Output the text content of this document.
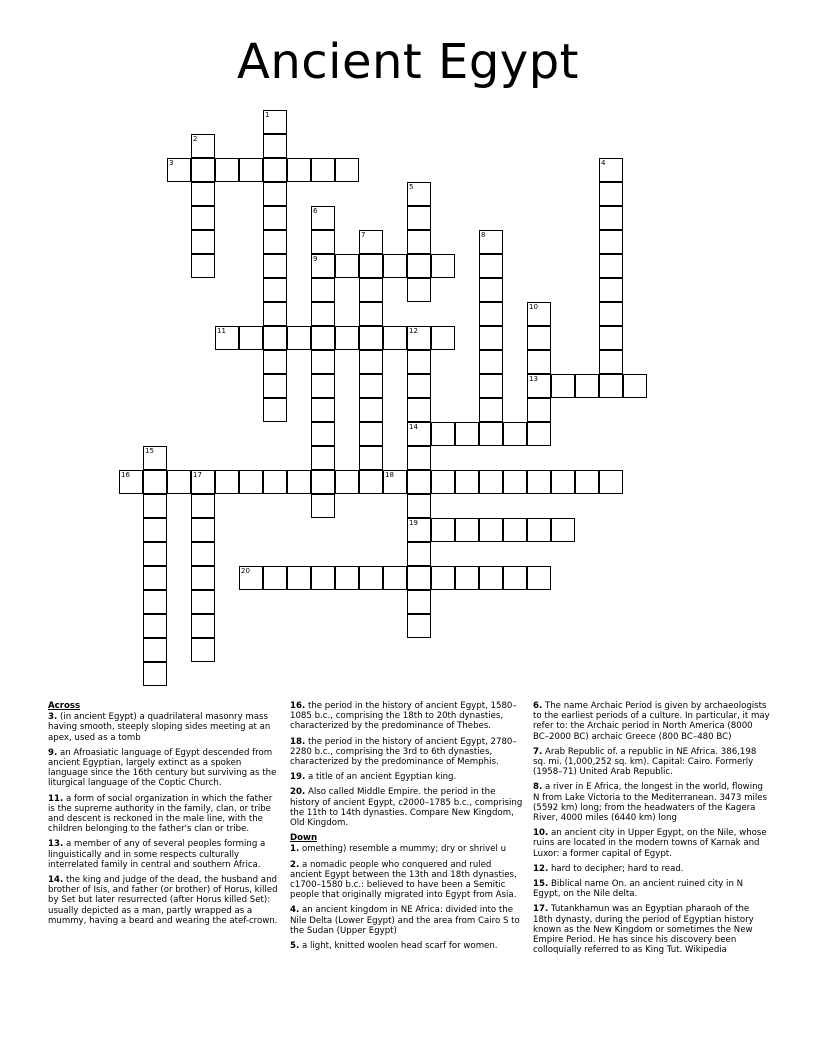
Ancient Egypt
1
2
3	4
5
6
9
7	8
10
13
11	12
14
19
15
16	17	18
20
Across
3. (in ancient Egypt) a quadrilateral masonry mass having smooth, steeply sloping sides meeting at an apex, used as a tomb
9. an Afroasiatic language of Egypt descended from ancient Egyptian, largely extinct as a spoken language since the 16th century but surviving as the liturgical language of the Coptic Church.
11. a form of social organization in which the father is the supreme authority in the family, clan, or tribe and descent is reckoned in the male line, with the children belonging to the father's clan or tribe.
13. a member of any of several peoples forming a linguistically and in some respects culturally interrelated family in central and southern Africa.
14. the king and judge of the dead, the husband and brother of Isis, and father (or brother) of Horus, killed by Set but later resurrected (after Horus killed Set): usually depicted as a man, partly wrapped as a mummy, having a beard and wearing the atef-crown.
16. the period in the history of ancient Egypt, 1580–1085 b.c., comprising the 18th to 20th dynasties, characterized by the predominance of Thebes.
18. the period in the history of ancient Egypt, 2780–2280 b.c., comprising the 3rd to 6th dynasties, characterized by the predominance of Memphis.
19. a title of an ancient Egyptian king.
20. Also called Middle Empire. the period in the history of ancient Egypt, c2000–1785 b.c., comprising the 11th to 14th dynasties. Compare New Kingdom, Old Kingdom.
Down
1. omething) resemble a mummy; dry or shrivel u
2. a nomadic people who conquered and ruled ancient Egypt between the 13th and 18th dynasties, c1700–1580 b.c.: believed to have been a Semitic people that originally migrated into Egypt from Asia.
4. an ancient kingdom in NE Africa: divided into the Nile Delta (Lower Egypt) and the area from Cairo S to the Sudan (Upper Egypt)
5. a light, knitted woolen head scarf for women.
6. The name Archaic Period is given by archaeologists to the earliest periods of a culture. In particular, it may refer to: the Archaic period in North America (8000 BC–2000 BC) archaic Greece (800 BC–480 BC)
7. Arab Republic of. a republic in NE Africa. 386,198 sq. mi. (1,000,252 sq. km). Capital: Cairo. Formerly (1958–71) United Arab Republic.
8. a river in E Africa, the longest in the world, flowing N from Lake Victoria to the Mediterranean. 3473 miles (5592 km) long; from the headwaters of the Kagera River, 4000 miles (6440 km) long
10. an ancient city in Upper Egypt, on the Nile, whose ruins are located in the modern towns of Karnak and Luxor: a former capital of Egypt.
12. hard to decipher; hard to read.
15. Biblical name On. an ancient ruined city in N Egypt, on the Nile delta.
17. Tutankhamun was an Egyptian pharaoh of the 18th dynasty, during the period of Egyptian history known as the New Kingdom or sometimes the New Empire Period. He has since his discovery been colloquially referred to as King Tut. Wikipedia
